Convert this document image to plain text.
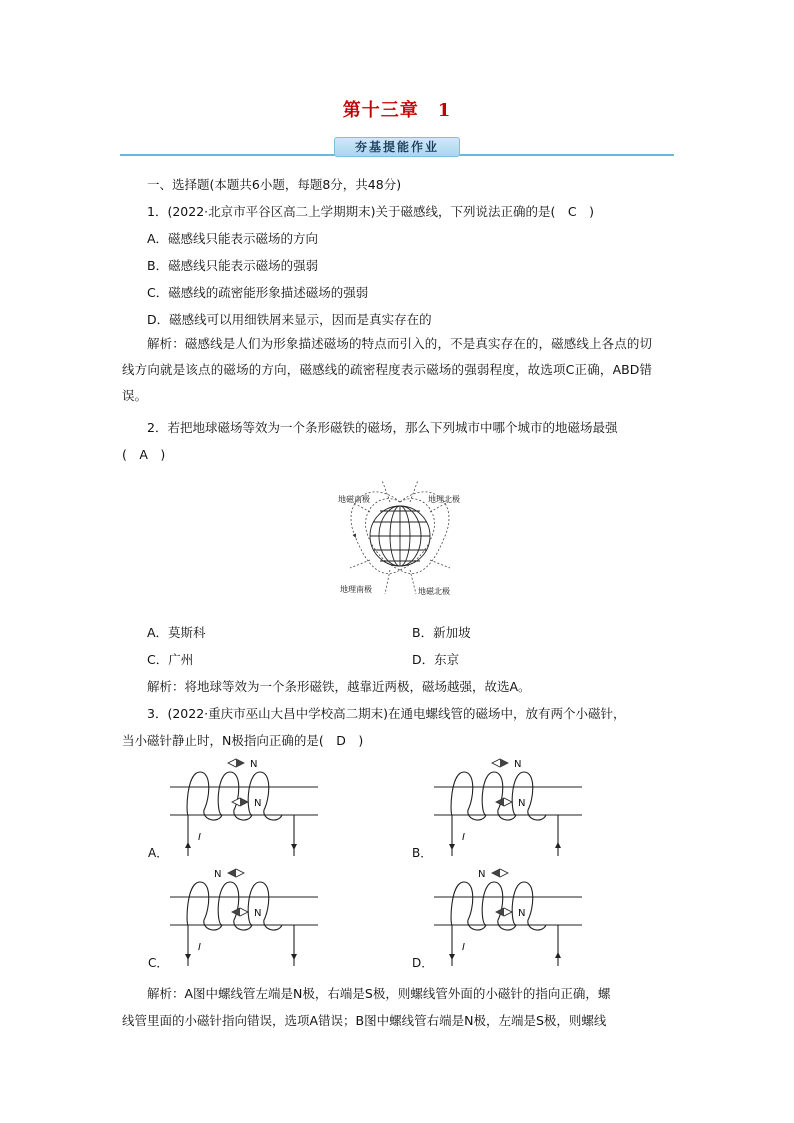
第十三章　1
夯基提能作业
一、选择题(本题共6小题，每题8分，共48分)
1．(2022·北京市平谷区高二上学期期末)关于磁感线，下列说法正确的是(　C　)
A．磁感线只能表示磁场的方向
B．磁感线只能表示磁场的强弱
C．磁感线的疏密能形象描述磁场的强弱
D．磁感线可以用细铁屑来显示，因而是真实存在的
解析：磁感线是人们为形象描述磁场的特点而引入的，不是真实存在的，磁感线上各点的切线方向就是该点的磁场的方向，磁感线的疏密程度表示磁场的强弱程度，故选项C正确，ABD错误。
2．若把地球磁场等效为一个条形磁铁的磁场，那么下列城市中哪个城市的地磁场最强
(　A　)
地磁南极	地理北极
地理南极	地磁北极
A．莫斯科	B．新加坡
C．广州	D．东京
解析：将地球等效为一个条形磁铁，越靠近两极，磁场越强，故选A。
3．(2022·重庆市巫山大昌中学校高二期末)在通电螺线管的磁场中，放有两个小磁针，
当小磁针静止时，N极指向正确的是(　D　)
N
N
I
A．
N
N
I
B．
N
N
I
C．
N
N
I
D．
解析：A图中螺线管左端是N极，右端是S极，则螺线管外面的小磁针的指向正确，螺
线管里面的小磁针指向错误，选项A错误；B图中螺线管右端是N极，左端是S极，则螺线
